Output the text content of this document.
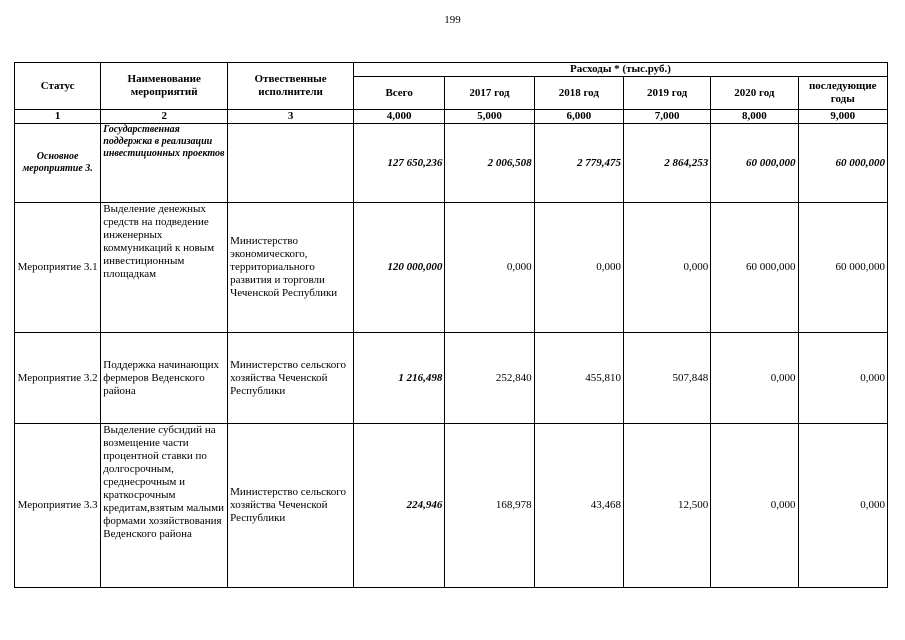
199
Статус	Наименование мероприятий	Отвественные исполнители	Расходы * (тыс.руб.)					
			Всего	2017 год	2018 год	2019 год	2020 год	последующие годы
1	2	3	4,000	5,000	6,000	7,000	8,000	9,000
Основное мероприятие 3.	Государственная поддержка в реализации инвестиционных проектов		127 650,236	2 006,508	2 779,475	2 864,253	60 000,000	60 000,000
Мероприятие 3.1	Выделение денежных средств на подведение инженерных коммуникаций к новым инвестиционным площадкам	Министерство экономического, территориального развития и торговли Чеченской Республики	120 000,000	0,000	0,000	0,000	60 000,000	60 000,000
Мероприятие 3.2	Поддержка начинающих фермеров Веденского района	Министерство сельского хозяйства Чеченской Республики	1 216,498	252,840	455,810	507,848	0,000	0,000
Мероприятие 3.3	Выделение субсидий на возмещение части процентной ставки по долгосрочным, среднесрочным и краткосрочным кредитам,взятым малыми формами хозяйствования Веденского района	Министерство сельского хозяйства Чеченской Республики	224,946	168,978	43,468	12,500	0,000	0,000
